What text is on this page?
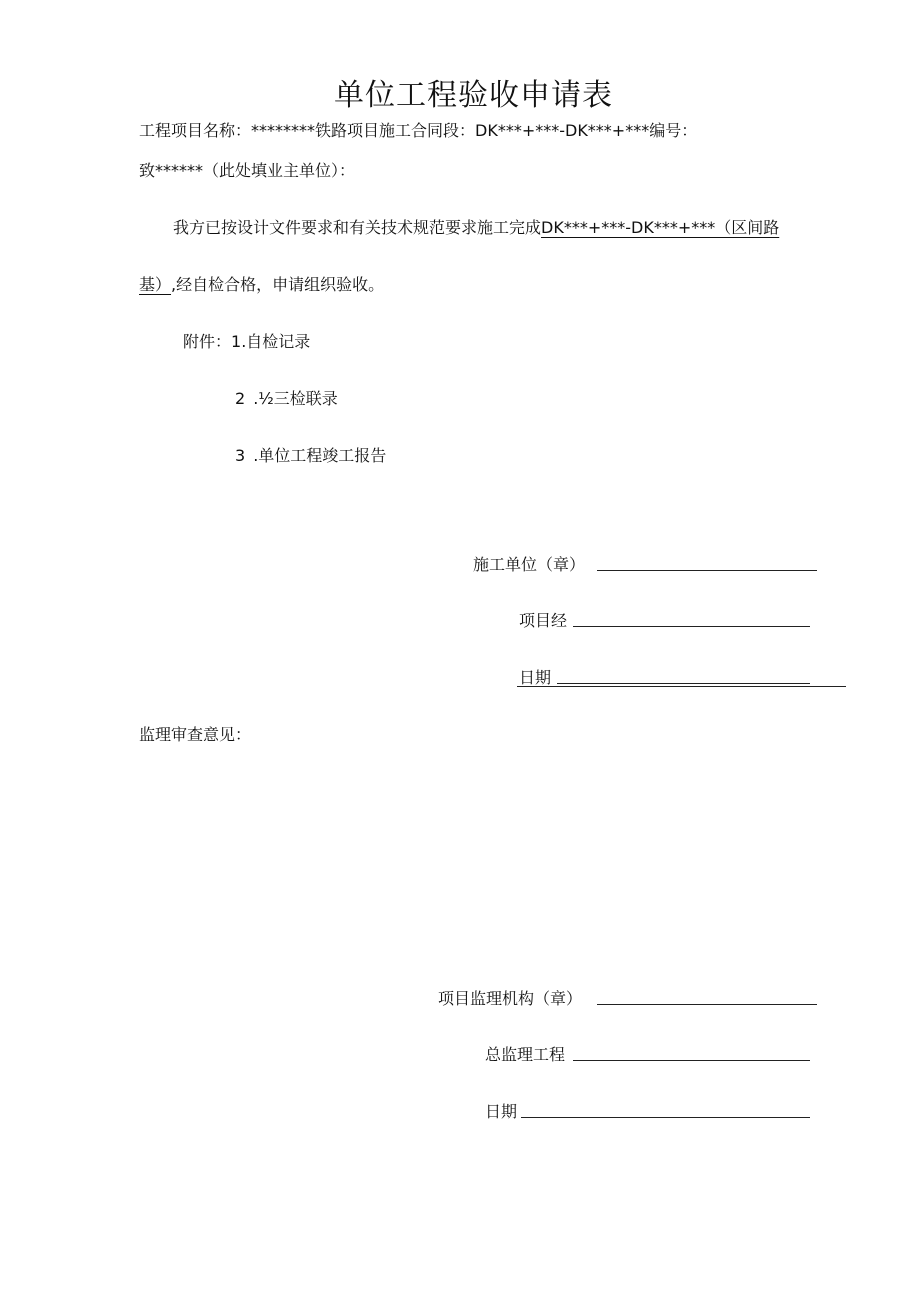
单位工程验收申请表
工程项目名称：********铁路项目施工合同段：DK***+***-DK***+***编号：
致******（此处填业主单位）：
我方已按设计文件要求和有关技术规范要求施工完成DK***+***-DK***+***（区间路
基）,经自检合格，申请组织验收。
附件：1.自检记录
2 .½三检联录
3 .单位工程竣工报告
施工单位（章）
项目经
日期
监理审查意见：
项目监理机构（章）
总监理工程
日期
